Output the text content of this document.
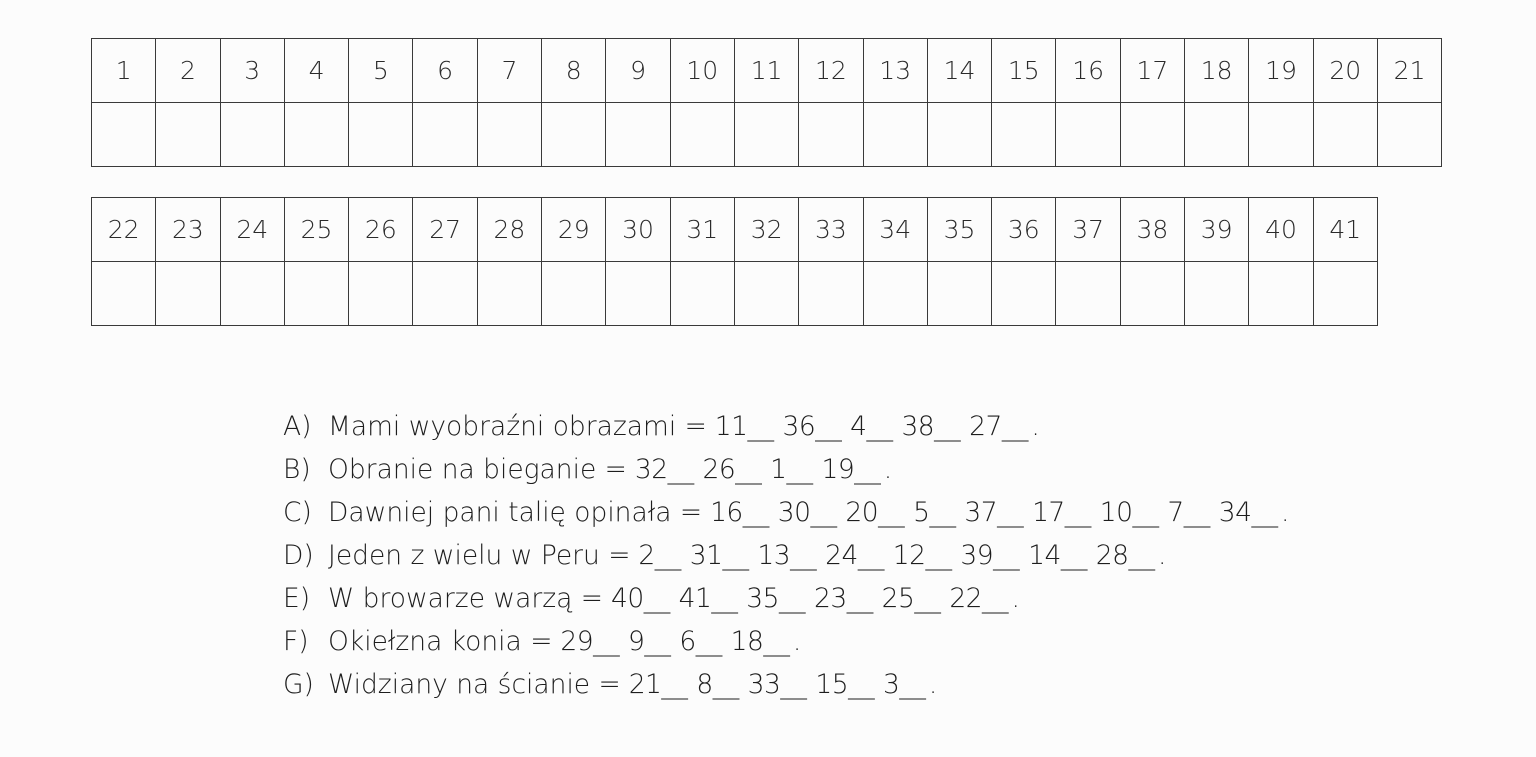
1	2	3	4	5	6	7	8	9	10	11	12	13	14	15	16	17	18	19	20	21

22	23	24	25	26	27	28	29	30	31	32	33	34	35	36	37	38	39	40	41

A) Mami wyobraźni obrazami = 11__ 36__ 4__ 38__ 27__ .
B) Obranie na bieganie = 32__ 26__ 1__ 19__ .
C) Dawniej pani talię opinała = 16__ 30__ 20__ 5__ 37__ 17__ 10__ 7__ 34__ .
D) Jeden z wielu w Peru = 2__ 31__ 13__ 24__ 12__ 39__ 14__ 28__ .
E) W browarze warzą = 40__ 41__ 35__ 23__ 25__ 22__ .
F) Okiełzna konia = 29__ 9__ 6__ 18__ .
G) Widziany na ścianie = 21__ 8__ 33__ 15__ 3__ .
